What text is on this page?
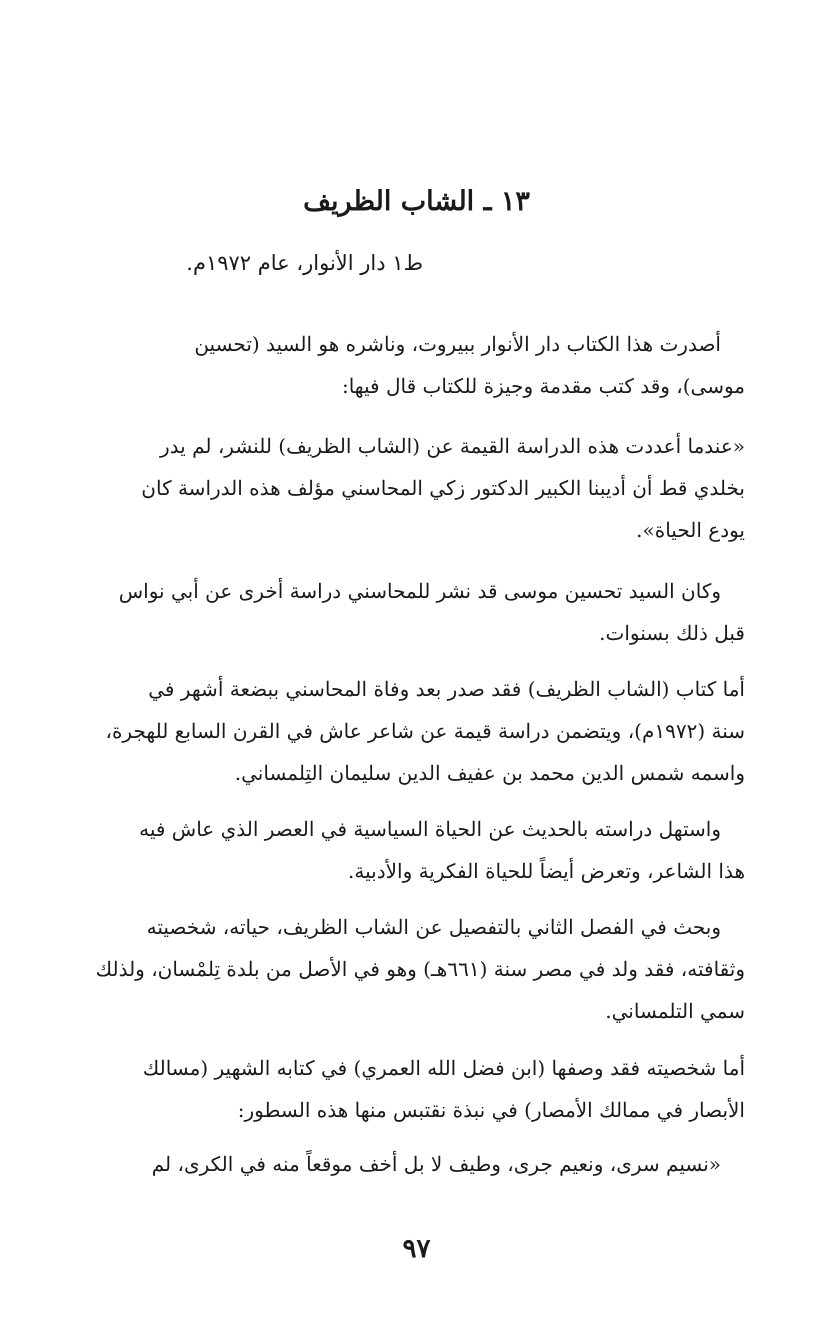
١٣ ـ الشاب الظريف
ط١ دار الأنوار، عام ١٩٧٢م.
أصدرت هذا الكتاب دار الأنوار ببيروت، وناشره هو السيد (تحسين
موسى)، وقد كتب مقدمة وجيزة للكتاب قال فيها:
«عندما أعددت هذه الدراسة القيمة عن (الشاب الظريف) للنشر، لم يدر
بخلدي قط أن أديبنا الكبير الدكتور زكي المحاسني مؤلف هذه الدراسة كان
يودع الحياة».
وكان السيد تحسين موسى قد نشر للمحاسني دراسة أخرى عن أبي نواس
قبل ذلك بسنوات.
أما كتاب (الشاب الظريف) فقد صدر بعد وفاة المحاسني ببضعة أشهر في
سنة (١٩٧٢م)، ويتضمن دراسة قيمة عن شاعر عاش في القرن السابع للهجرة،
واسمه شمس الدين محمد بن عفيف الدين سليمان التِلمساني.
واستهل دراسته بالحديث عن الحياة السياسية في العصر الذي عاش فيه
هذا الشاعر، وتعرض أيضاً للحياة الفكرية والأدبية.
وبحث في الفصل الثاني بالتفصيل عن الشاب الظريف، حياته، شخصيته
وثقافته، فقد ولد في مصر سنة (٦٦١هـ) وهو في الأصل من بلدة تِلمْسان، ولذلك
سمي التلمساني.
أما شخصيته فقد وصفها (ابن فضل الله العمري) في كتابه الشهير (مسالك
الأبصار في ممالك الأمصار) في نبذة نقتبس منها هذه السطور:
«نسيم سرى، ونعيم جرى، وطيف لا بل أخف موقعاً منه في الكرى، لم
٩٧
